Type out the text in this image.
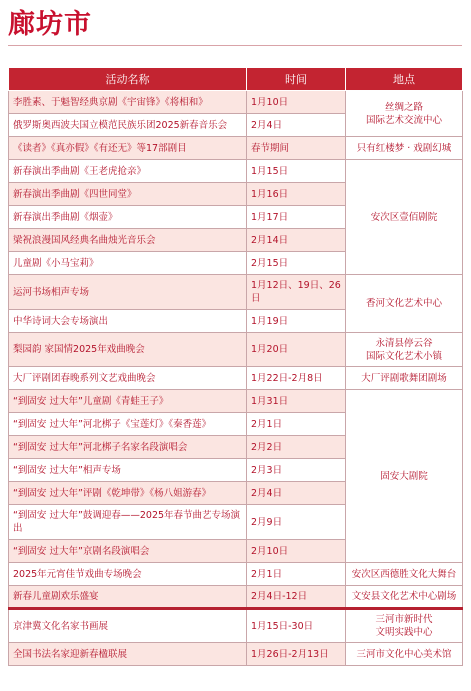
廊坊市
活动名称	时间	地点
李胜素、于魁智经典京剧《宇宙锋》《将相和》	1月10日	丝绸之路
国际艺术交流中心
俄罗斯奥西波夫国立模范民族乐团2025新春音乐会	2月4日	
《读者》《真亦假》《有还无》等17部剧目	春节期间	只有红楼梦 · 戏剧幻城
新春演出季曲剧《王老虎抢亲》	1月15日	安次区壹佰剧院
新春演出季曲剧《四世同堂》	1月16日	
新春演出季曲剧《烟壶》	1月17日	
梁祝浪漫国风经典名曲烛光音乐会	2月14日	
儿童剧《小马宝莉》	2月15日	
运河书场相声专场	1月12日、19日、26日	香河文化艺术中心
中华诗词大会专场演出	1月19日	
梨园韵 家国情2025年戏曲晚会	1月20日	永清县停云谷
国际文化艺术小镇
大厂评剧团春晚系列文艺戏曲晚会	1月22日-2月8日	大厂评剧歌舞团剧场
“到固安 过大年”儿童剧《青蛙王子》	1月31日	固安大剧院
“到固安 过大年”河北梆子《宝莲灯》《秦香莲》	2月1日	
“到固安 过大年”河北梆子名家名段演唱会	2月2日	
“到固安 过大年”相声专场	2月3日	
“到固安 过大年”评剧《乾坤带》《杨八姐游春》	2月4日	
“到固安 过大年”鼓调迎春——2025年春节曲艺专场演出	2月9日	
“到固安 过大年”京剧名段演唱会	2月10日	
2025年元宵佳节戏曲专场晚会	2月1日	安次区西德胜文化大舞台
新春儿童剧欢乐盛宴	2月4日-12日	文安县文化艺术中心剧场
京津冀文化名家书画展	1月15日-30日	三河市新时代
文明实践中心
全国书法名家迎新春楹联展	1月26日-2月13日	三河市文化中心美术馆
